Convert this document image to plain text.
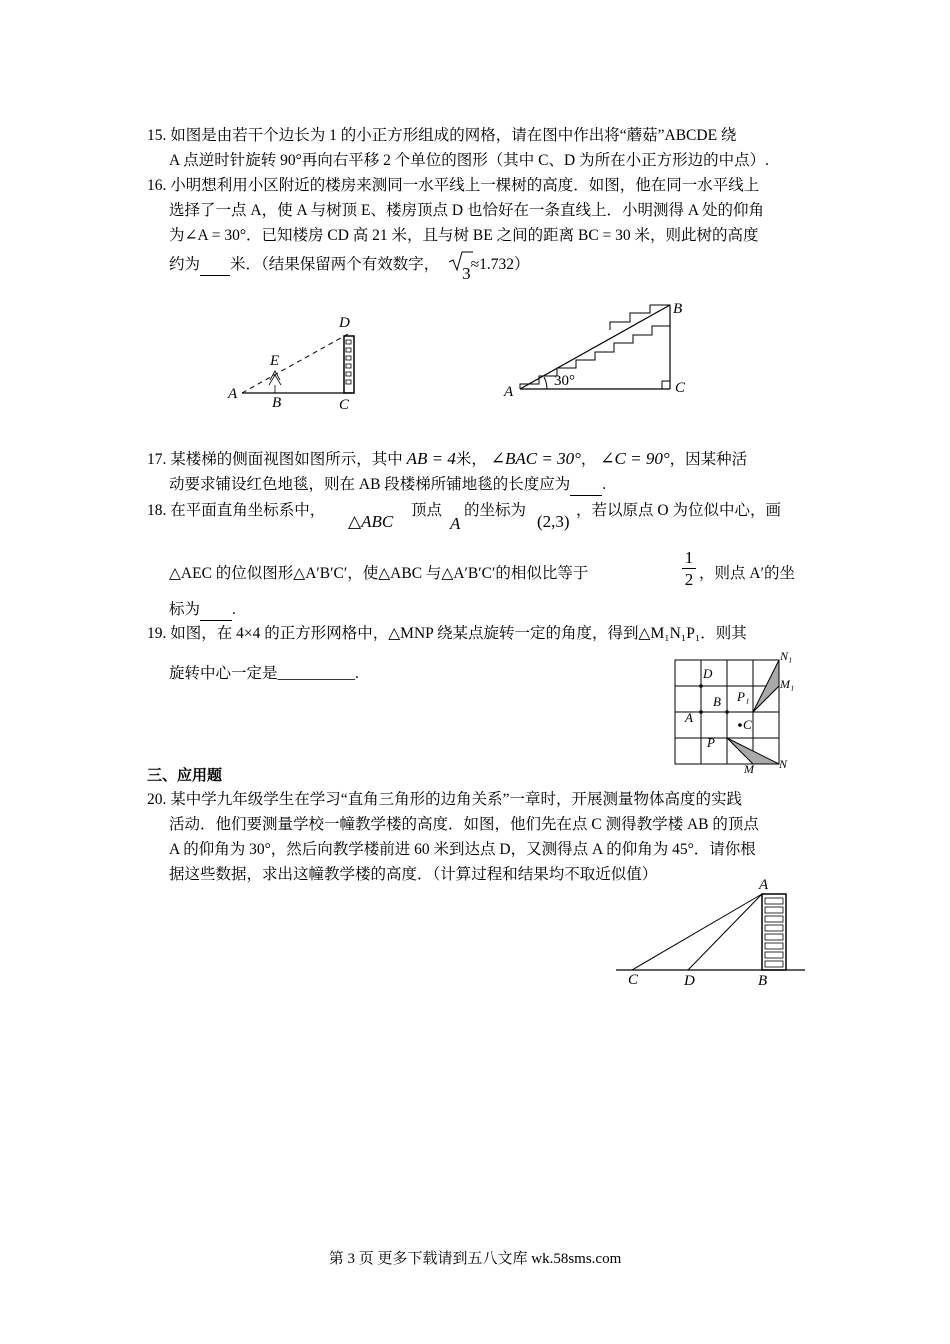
15. 如图是由若干个边长为 1 的小正方形组成的网格，请在图中作出将“蘑菇”ABCDE 绕
A 点逆时针旋转 90°再向右平移 2 个单位的图形（其中 C、D 为所在小正方形边的中点）.
16. 小明想利用小区附近的楼房来测同一水平线上一棵树的高度．如图，他在同一水平线上
选择了一点 A，使 A 与树顶 E、楼房顶点 D 也恰好在一条直线上．小明测得 A 处的仰角
为∠A = 30°．已知楼房 CD 高 21 米，且与树 BE 之间的距离 BC = 30 米，则此树的高度
约为 米．（结果保留两个有效数字， 3≈1.732）
A
B	C
D
E
A
B
C
30°
17. 某楼梯的侧面视图如图所示，其中 AB = 4米， ∠BAC = 30°， ∠C = 90°，因某种活
动要求铺设红色地毯，则在 AB 段楼梯所铺地毯的长度应为 .
18. 在平面直角坐标系中，
△ABC
顶点
A
的坐标为
(2,3)
，若以原点 O 为位似中心，画
△AEC 的位似图形△A′B′C′，使△ABC 与△A′B′C′的相似比等于	$\frac{1}{2}$ ，则点 A′的坐
标为 .
19. 如图，在 4×4 的正方形网格中，△MNP 绕某点旋转一定的角度，得到△M₁N₁P₁．则其
旋转中心一定是__________.	D
B
A
P₁
C
P
N₁
M₁
M N
三、应用题
20. 某中学九年级学生在学习“直角三角形的边角关系”一章时，开展测量物体高度的实践
活动．他们要测量学校一幢教学楼的高度．如图，他们先在点 C 测得教学楼 AB 的顶点
A 的仰角为 30°，然后向教学楼前进 60 米到达点 D，又测得点 A 的仰角为 45°．请你根
据这些数据，求出这幢教学楼的高度．（计算过程和结果均不取近似值）
A
C	D	B
第 3 页 更多下载请到五八文库 wk.58sms.com
